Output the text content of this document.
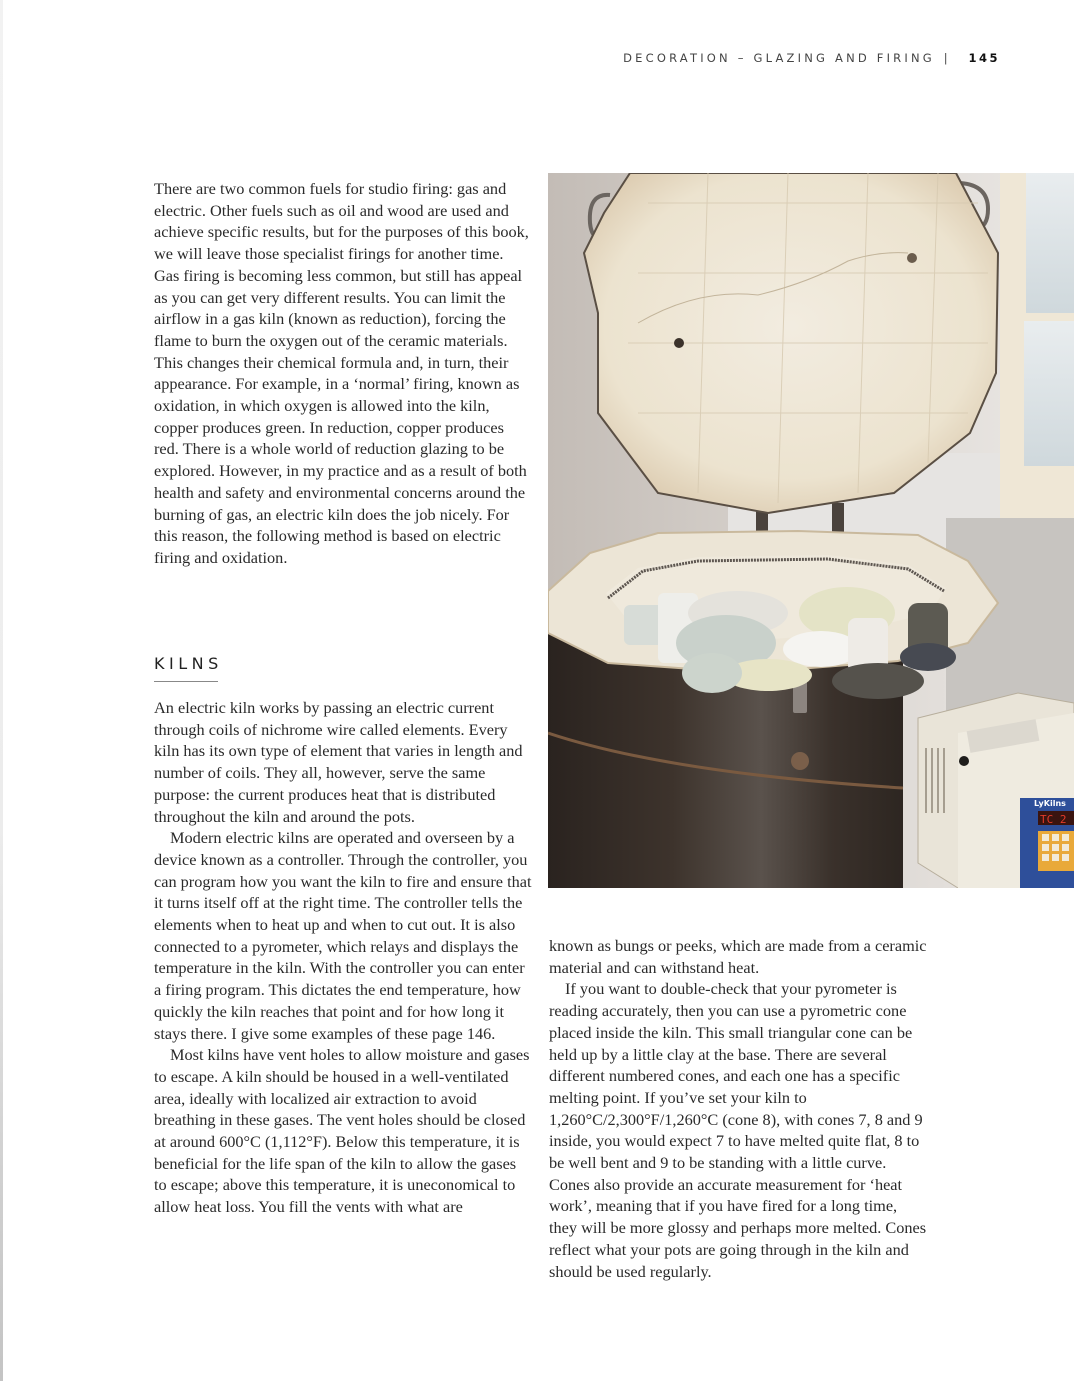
DECORATION – GLAZING AND FIRING | 145

There are two common fuels for studio firing: gas and electric. Other fuels such as oil and wood are used and achieve specific results, but for the purposes of this book, we will leave those specialist firings for another time. Gas firing is becoming less common, but still has appeal as you can get very different results. You can limit the airflow in a gas kiln (known as reduction), forcing the flame to burn the oxygen out of the ceramic materials. This changes their chemical formula and, in turn, their appearance. For example, in a ‘normal’ firing, known as oxidation, in which oxygen is allowed into the kiln, copper produces green. In reduction, copper produces red. There is a whole world of reduction glazing to be explored. However, in my practice and as a result of both health and safety and environmental concerns around the burning of gas, an electric kiln does the job nicely. For this reason, the following method is based on electric firing and oxidation.

KILNS

An electric kiln works by passing an electric current through coils of nichrome wire called elements. Every kiln has its own type of element that varies in length and number of coils. They all, however, serve the same purpose: the current produces heat that is distributed throughout the kiln and around the pots.

Modern electric kilns are operated and overseen by a device known as a controller. Through the controller, you can program how you want the kiln to fire and ensure that it turns itself off at the right time. The controller tells the elements when to heat up and when to cut out. It is also connected to a pyrometer, which relays and displays the temperature in the kiln. With the controller you can enter a firing program. This dictates the end temperature, how quickly the kiln reaches that point and for how long it stays there. I give some examples of these page 146.

Most kilns have vent holes to allow moisture and gases to escape. A kiln should be housed in a well-ventilated area, ideally with localized air extraction to avoid breathing in these gases. The vent holes should be closed at around 600°C (1,112°F). Below this temperature, it is beneficial for the life span of the kiln to allow the gases to escape; above this temperature, it is uneconomical to allow heat loss. You fill the vents with what are

known as bungs or peeks, which are made from a ceramic material and can withstand heat.

If you want to double-check that your pyrometer is reading accurately, then you can use a pyrometric cone placed inside the kiln. This small triangular cone can be held up by a little clay at the base. There are several different numbered cones, and each one has a specific melting point. If you’ve set your kiln to 1,260°C/2,300°F/1,260°C (cone 8), with cones 7, 8 and 9 inside, you would expect 7 to have melted quite flat, 8 to be well bent and 9 to be standing with a little curve. Cones also provide an accurate measurement for ‘heat work’, meaning that if you have fired for a long time, they will be more glossy and perhaps more melted. Cones reflect what your pots are going through in the kiln and should be used regularly.

TC 2
LyKilns
